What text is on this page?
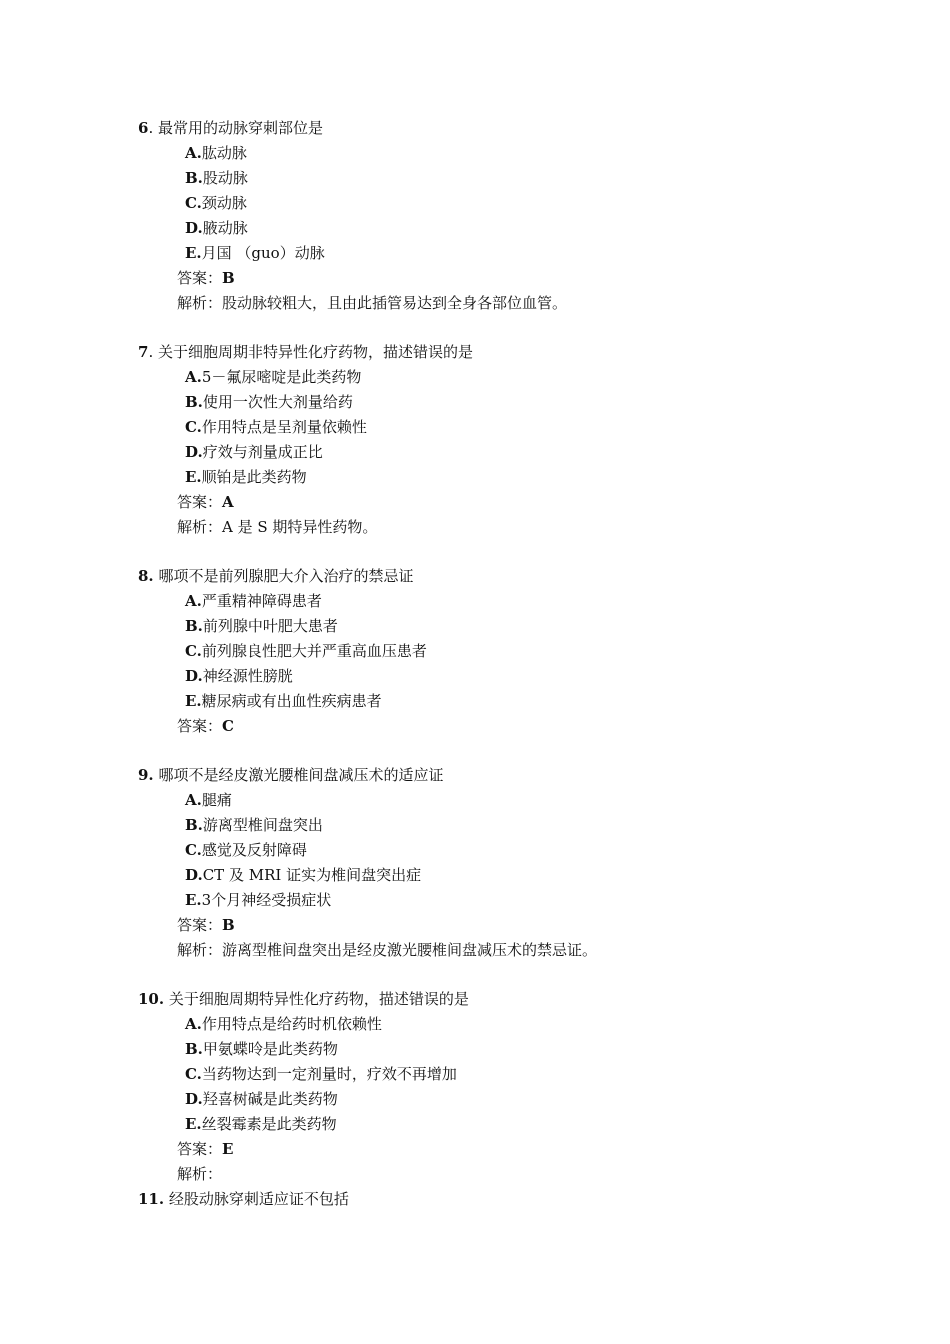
6. 最常用的动脉穿刺部位是
A.肱动脉
B.股动脉
C.颈动脉
D.腋动脉
E.月国 （guo）动脉
答案：B
解析：股动脉较粗大，且由此插管易达到全身各部位血管。
7. 关于细胞周期非特异性化疗药物，描述错误的是
A.5－氟尿嘧啶是此类药物
B.使用一次性大剂量给药
C.作用特点是呈剂量依赖性
D.疗效与剂量成正比
E.顺铂是此类药物
答案：A
解析：A 是 S 期特异性药物。
8. 哪项不是前列腺肥大介入治疗的禁忌证
A.严重精神障碍患者
B.前列腺中叶肥大患者
C.前列腺良性肥大并严重高血压患者
D.神经源性膀胱
E.糖尿病或有出血性疾病患者
答案：C
9. 哪项不是经皮激光腰椎间盘减压术的适应证
A.腿痛
B.游离型椎间盘突出
C.感觉及反射障碍
D.CT 及 MRI 证实为椎间盘突出症
E.3个月神经受损症状
答案：B
解析：游离型椎间盘突出是经皮激光腰椎间盘减压术的禁忌证。
10. 关于细胞周期特异性化疗药物，描述错误的是
A.作用特点是给药时机依赖性
B.甲氨蝶呤是此类药物
C.当药物达到一定剂量时，疗效不再增加
D.羟喜树碱是此类药物
E.丝裂霉素是此类药物
答案：E
解析：
11. 经股动脉穿刺适应证不包括
